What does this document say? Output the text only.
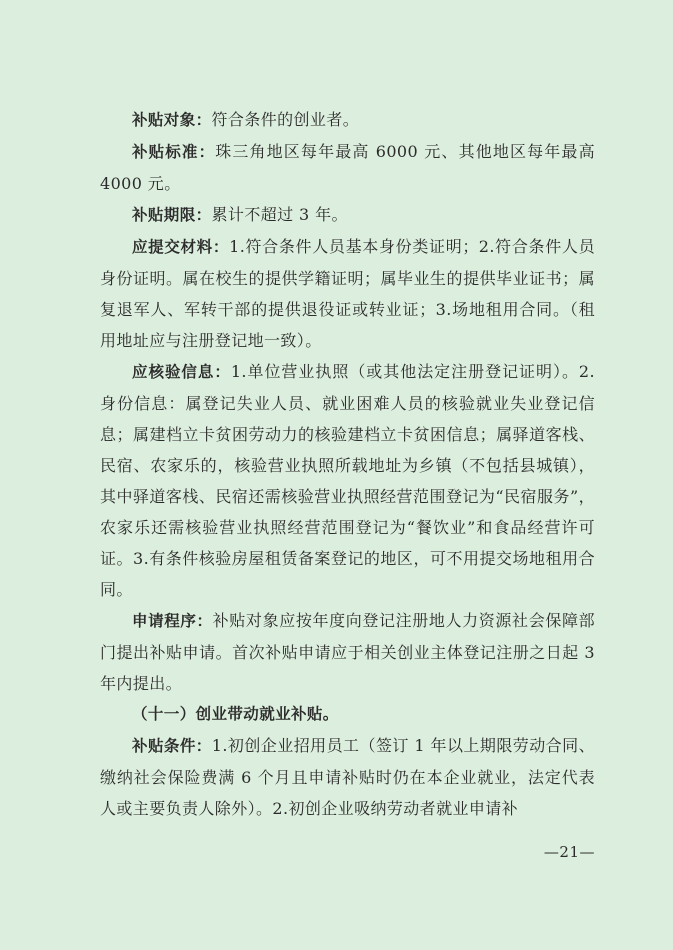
补贴对象：符合条件的创业者。

补贴标准：珠三角地区每年最高 6000 元、其他地区每年最高 4000 元。

补贴期限：累计不超过 3 年。

应提交材料：1.符合条件人员基本身份类证明；2.符合条件人员身份证明。属在校生的提供学籍证明；属毕业生的提供毕业证书；属复退军人、军转干部的提供退役证或转业证；3.场地租用合同。（租用地址应与注册登记地一致）。

应核验信息：1.单位营业执照（或其他法定注册登记证明）。2.身份信息：属登记失业人员、就业困难人员的核验就业失业登记信息；属建档立卡贫困劳动力的核验建档立卡贫困信息；属驿道客栈、民宿、农家乐的，核验营业执照所载地址为乡镇（不包括县城镇），其中驿道客栈、民宿还需核验营业执照经营范围登记为“民宿服务”，农家乐还需核验营业执照经营范围登记为“餐饮业”和食品经营许可证。3.有条件核验房屋租赁备案登记的地区，可不用提交场地租用合同。

申请程序：补贴对象应按年度向登记注册地人力资源社会保障部门提出补贴申请。首次补贴申请应于相关创业主体登记注册之日起 3 年内提出。

（十一）创业带动就业补贴。

补贴条件：1.初创企业招用员工（签订 1 年以上期限劳动合同、缴纳社会保险费满 6 个月且申请补贴时仍在本企业就业，法定代表人或主要负责人除外）。2.初创企业吸纳劳动者就业申请补

—21—
